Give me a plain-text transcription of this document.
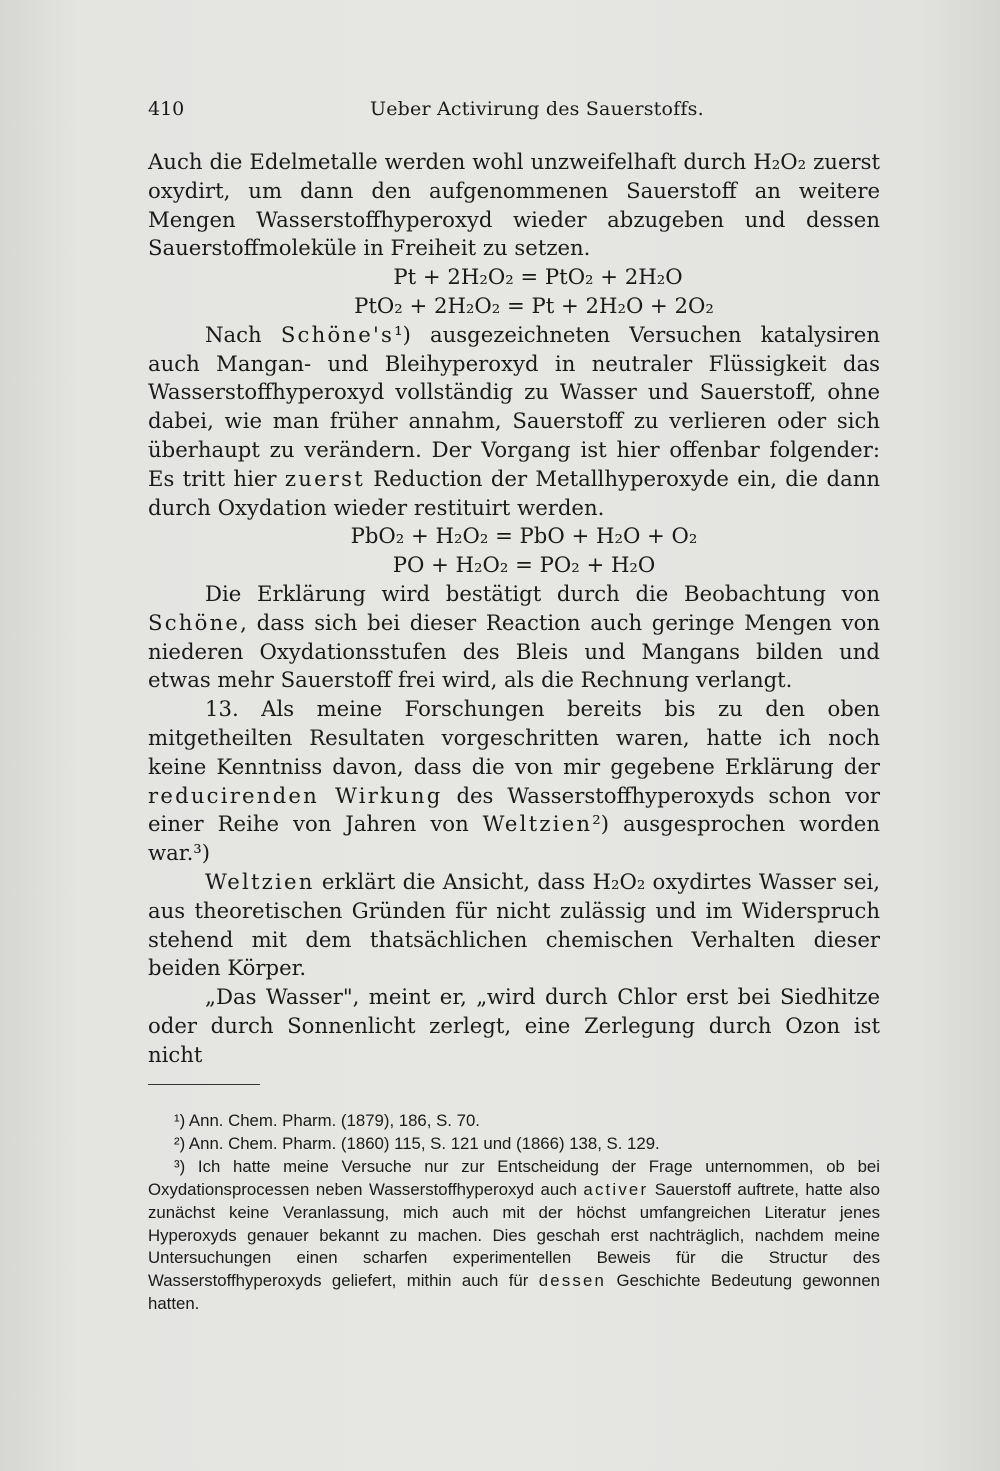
410	Ueber Activirung des Sauerstoffs.

Auch die Edelmetalle werden wohl unzweifelhaft durch H₂O₂ zuerst oxydirt, um dann den aufgenommenen Sauerstoff an weitere Mengen Wasserstoffhyperoxyd wieder abzugeben und dessen Sauerstoffmoleküle in Freiheit zu setzen.

Pt + 2H₂O₂ = PtO₂ + 2H₂O

PtO₂ + 2H₂O₂ = Pt + 2H₂O + 2O₂

Nach Schöne's¹) ausgezeichneten Versuchen katalysiren auch Mangan- und Bleihyperoxyd in neutraler Flüssigkeit das Wasserstoffhyperoxyd vollständig zu Wasser und Sauerstoff, ohne dabei, wie man früher annahm, Sauerstoff zu verlieren oder sich überhaupt zu verändern. Der Vorgang ist hier offenbar folgender: Es tritt hier zuerst Reduction der Metallhyperoxyde ein, die dann durch Oxydation wieder restituirt werden.

PbO₂ + H₂O₂ = PbO + H₂O + O₂

PO + H₂O₂ = PO₂ + H₂O

Die Erklärung wird bestätigt durch die Beobachtung von Schöne, dass sich bei dieser Reaction auch geringe Mengen von niederen Oxydationsstufen des Bleis und Mangans bilden und etwas mehr Sauerstoff frei wird, als die Rechnung verlangt.

13. Als meine Forschungen bereits bis zu den oben mitgetheilten Resultaten vorgeschritten waren, hatte ich noch keine Kenntniss davon, dass die von mir gegebene Erklärung der reducirenden Wirkung des Wasserstoffhyperoxyds schon vor einer Reihe von Jahren von Weltzien²) ausgesprochen worden war.³)

Weltzien erklärt die Ansicht, dass H₂O₂ oxydirtes Wasser sei, aus theoretischen Gründen für nicht zulässig und im Widerspruch stehend mit dem thatsächlichen chemischen Verhalten dieser beiden Körper.

„Das Wasser", meint er, „wird durch Chlor erst bei Siedhitze oder durch Sonnenlicht zerlegt, eine Zerlegung durch Ozon ist nicht

¹) Ann. Chem. Pharm. (1879), 186, S. 70.

²) Ann. Chem. Pharm. (1860) 115, S. 121 und (1866) 138, S. 129.

³) Ich hatte meine Versuche nur zur Entscheidung der Frage unternommen, ob bei Oxydationsprocessen neben Wasserstoffhyperoxyd auch activer Sauerstoff auftrete, hatte also zunächst keine Veranlassung, mich auch mit der höchst umfangreichen Literatur jenes Hyperoxyds genauer bekannt zu machen. Dies geschah erst nachträglich, nachdem meine Untersuchungen einen scharfen experimentellen Beweis für die Structur des Wasserstoffhyperoxyds geliefert, mithin auch für dessen Geschichte Bedeutung gewonnen hatten.
